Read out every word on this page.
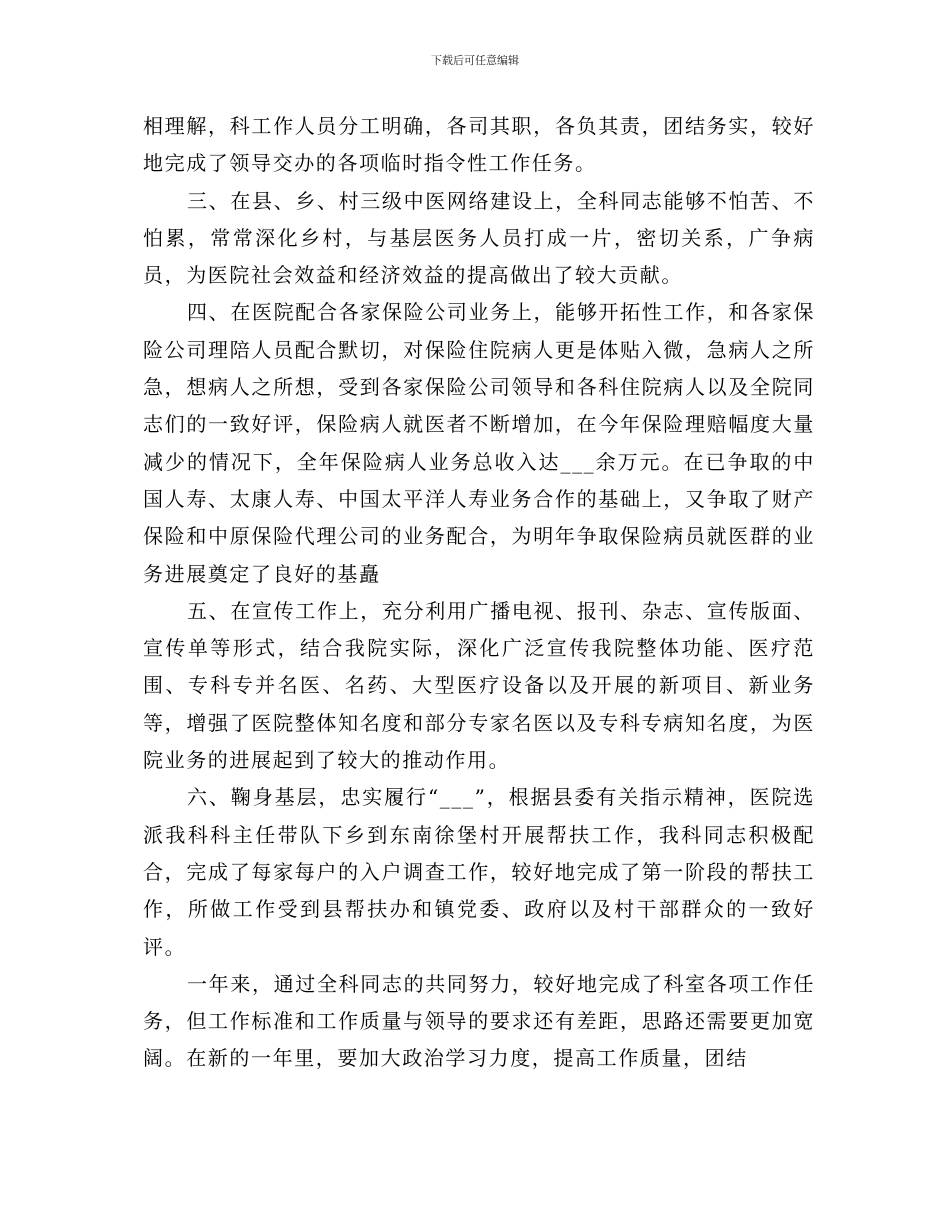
下载后可任意编辑

相理解，科工作人员分工明确，各司其职，各负其责，团结务实，较好地完成了领导交办的各项临时指令性工作任务。

三、在县、乡、村三级中医网络建设上，全科同志能够不怕苦、不怕累，常常深化乡村，与基层医务人员打成一片，密切关系，广争病员，为医院社会效益和经济效益的提高做出了较大贡献。

四、在医院配合各家保险公司业务上，能够开拓性工作，和各家保险公司理陪人员配合默切，对保险住院病人更是体贴入微，急病人之所急，想病人之所想，受到各家保险公司领导和各科住院病人以及全院同志们的一致好评，保险病人就医者不断增加，在今年保险理赔幅度大量减少的情况下，全年保险病人业务总收入达___余万元。在已争取的中国人寿、太康人寿、中国太平洋人寿业务合作的基础上，又争取了财产保险和中原保险代理公司的业务配合，为明年争取保险病员就医群的业务进展奠定了良好的基矗

五、在宣传工作上，充分利用广播电视、报刊、杂志、宣传版面、宣传单等形式，结合我院实际，深化广泛宣传我院整体功能、医疗范围、专科专并名医、名药、大型医疗设备以及开展的新项目、新业务等，增强了医院整体知名度和部分专家名医以及专科专病知名度，为医院业务的进展起到了较大的推动作用。

六、鞠身基层，忠实履行“___”，根据县委有关指示精神，医院选派我科科主任带队下乡到东南徐堡村开展帮扶工作，我科同志积极配合，完成了每家每户的入户调查工作，较好地完成了第一阶段的帮扶工作，所做工作受到县帮扶办和镇党委、政府以及村干部群众的一致好评。

一年来，通过全科同志的共同努力，较好地完成了科室各项工作任务，但工作标准和工作质量与领导的要求还有差距，思路还需要更加宽阔。在新的一年里，要加大政治学习力度，提高工作质量，团结
